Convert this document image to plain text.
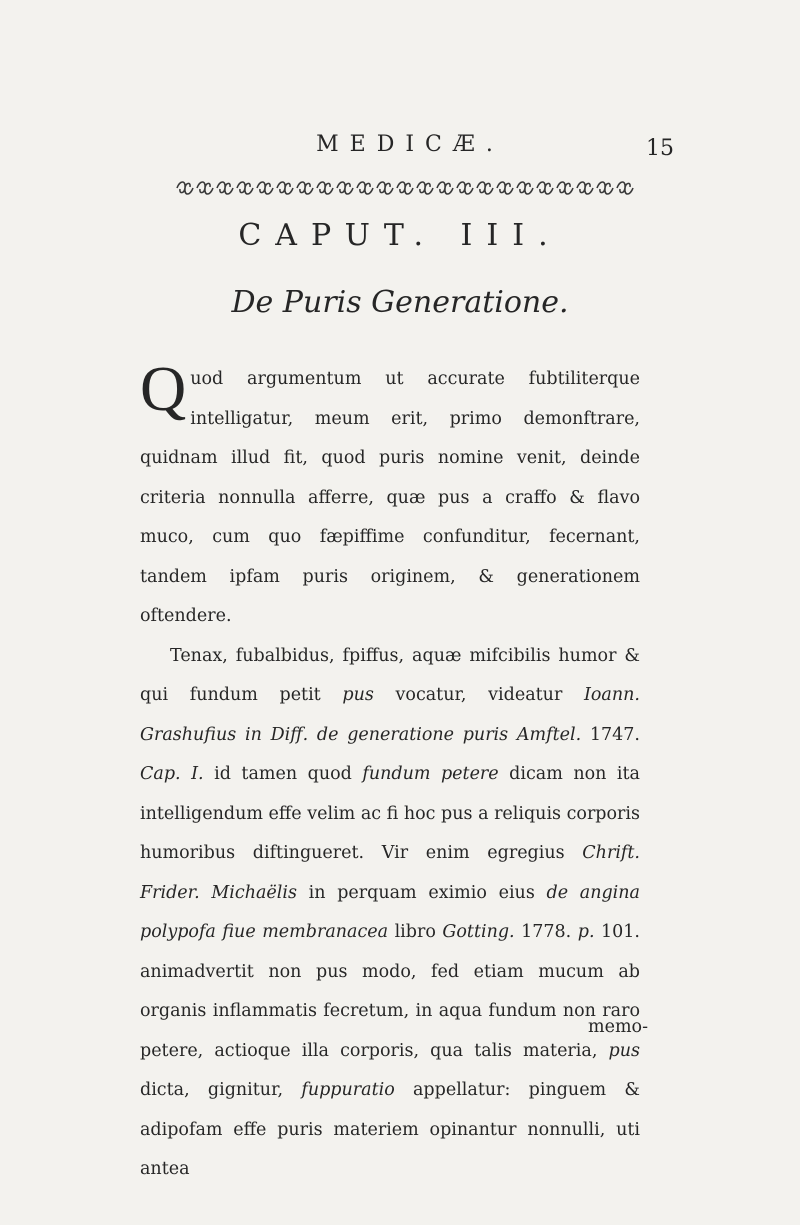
MEDICÆ.	15
CAPUT. III.
De Puris Generatione.

Quod argumentum ut accurate fubtiliterque intelligatur, meum erit, primo demonftrare, quidnam illud fit, quod puris nomine venit, deinde criteria nonnulla afferre, quæ pus a craffo & flavo muco, cum quo fæpiffime confunditur, fecernant, tandem ipfam puris originem, & generationem oftendere.

Tenax, fubalbidus, fpiffus, aquæ mifcibilis humor & qui fundum petit pus vocatur, videatur Ioann. Grashufius in Diff. de generatione puris Amftel. 1747. Cap. I. id tamen quod fundum petere dicam non ita intelligendum effe velim ac fi hoc pus a reliquis corporis humoribus diftingueret. Vir enim egregius Chrift. Frider. Michaëlis in perquam eximio eius de angina polypofa fiue membranacea libro Gotting. 1778. p. 101. animadvertit non pus modo, fed etiam mucum ab organis inflammatis fecretum, in aqua fundum non raro petere, actioque illa corporis, qua talis materia, pus dicta, gignitur, fuppuratio appellatur: pinguem & adipofam effe puris materiem opinantur nonnulli, uti antea

memo-
